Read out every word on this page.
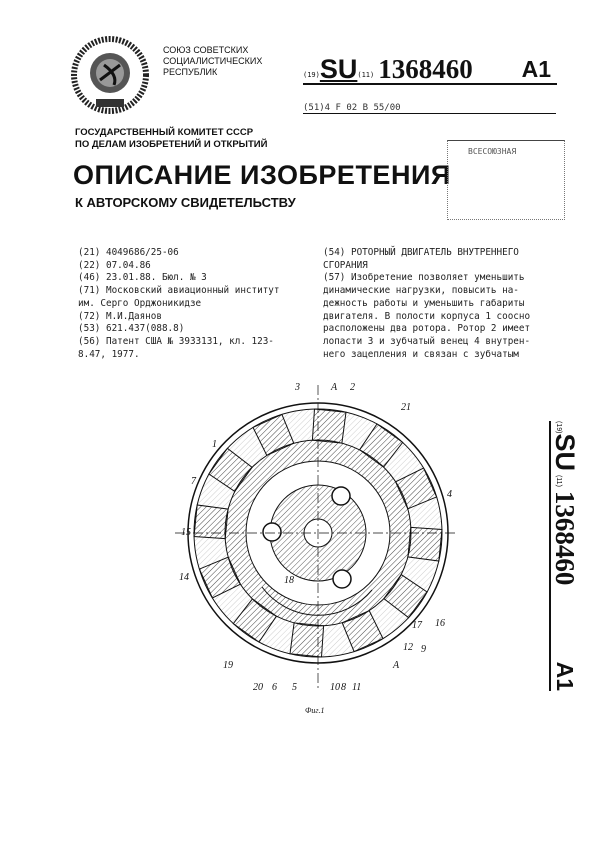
СОЮЗ СОВЕТСКИХ
СОЦИАЛИСТИЧЕСКИХ
РЕСПУБЛИК	(19) SU (11) 1368460 A1
(51)4 F 02 B 55/00
ГОСУДАРСТВЕННЫЙ КОМИТЕТ СССР
ПО ДЕЛАМ ИЗОБРЕТЕНИЙ И ОТКРЫТИЙ
ОПИСАНИЕ ИЗОБРЕТЕНИЯ
К АВТОРСКОМУ СВИДЕТЕЛЬСТВУ
ВСЕСОЮЗНАЯ
(21) 4049686/25-06
(22) 07.04.86
(46) 23.01.88. Бюл. № 3
(71) Московский авиационный институт
им. Серго Орджоникидзе
(72) М.И.Даянов
(53) 621.437(088.8)
(56) Патент США № 3933131, кл. 123-
8.47, 1977.
(54) РОТОРНЫЙ ДВИГАТЕЛЬ ВНУТРЕННЕГО
СГОРАНИЯ
(57) Изобретение позволяет уменьшить
динамические нагрузки, повысить на-
дежность работы и уменьшить габариты
двигателя. В полости корпуса 1 соосно
расположены два ротора. Ротор 2 имеет
лопасти 3 и зубчатый венец 4 внутрен-
него зацепления и связан с зубчатым
3	A 2
21
1
7
4
15
14	18
17 16
12 9
19	A
20 6 5	10 8 11
Фиг.1
(19)
SU
(11)
1368460
A1
